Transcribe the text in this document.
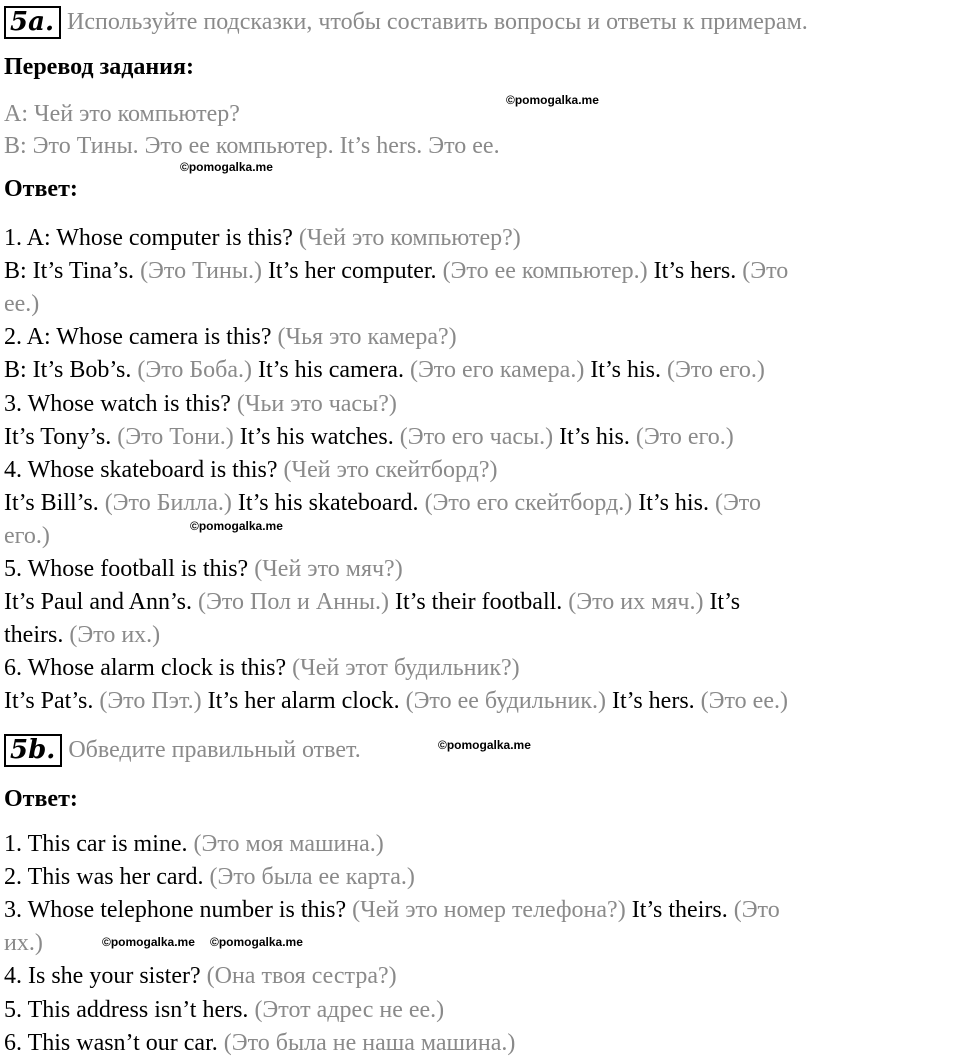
5a. Используйте подсказки, чтобы составить вопросы и ответы к примерам.
Перевод задания:
A: Чей это компьютер?
B: Это Тины. Это ее компьютер. It’s hers. Это ее.
Ответ:
1. A: Whose computer is this? (Чей это компьютер?)
B: It’s Tina’s. (Это Тины.) It’s her computer. (Это ее компьютер.) It’s hers. (Это
ее.)
2. A: Whose camera is this? (Чья это камера?)
B: It’s Bob’s. (Это Боба.) It’s his camera. (Это его камера.) It’s his. (Это его.)
3. Whose watch is this? (Чьи это часы?)
It’s Tony’s. (Это Тони.) It’s his watches. (Это его часы.) It’s his. (Это его.)
4. Whose skateboard is this? (Чей это скейтборд?)
It’s Bill’s. (Это Билла.) It’s his skateboard. (Это его скейтборд.) It’s his. (Это
его.)
5. Whose football is this? (Чей это мяч?)
It’s Paul and Ann’s. (Это Пол и Анны.) It’s their football. (Это их мяч.) It’s
theirs. (Это их.)
6. Whose alarm clock is this? (Чей этот будильник?)
It’s Pat’s. (Это Пэт.) It’s her alarm clock. (Это ее будильник.) It’s hers. (Это ее.)
5b. Обведите правильный ответ.
Ответ:
1. This car is mine. (Это моя машина.)
2. This was her card. (Это была ее карта.)
3. Whose telephone number is this? (Чей это номер телефона?) It’s theirs. (Это
их.)
4. Is she your sister? (Она твоя сестра?)
5. This address isn’t hers. (Этот адрес не ее.)
6. This wasn’t our car. (Это была не наша машина.)
©pomogalka.me
©pomogalka.me
©pomogalka.me
©pomogalka.me
©pomogalka.me ©pomogalka.me
